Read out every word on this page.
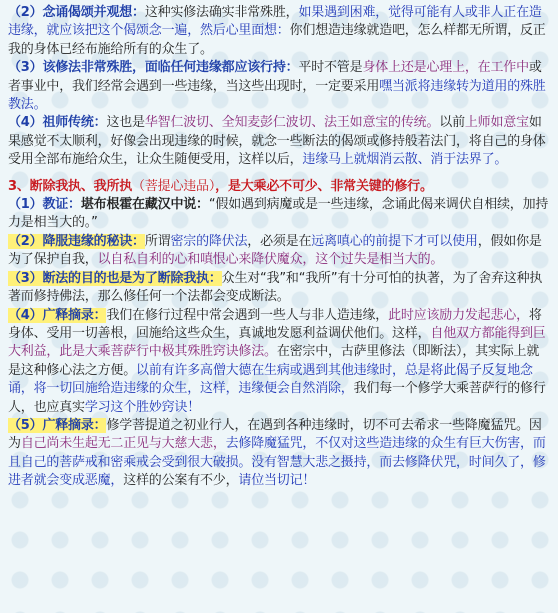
（2）念诵偈颂并观想：这种实修法确实非常殊胜，如果遇到困难，觉得可能有人或非人正在造违缘，就应该把这个偈颂念一遍，然后心里面想：你们想造违缘就造吧，怎么样都无所谓，反正我的身体已经布施给所有的众生了。

（3）该修法非常殊胜，面临任何违缘都应该行持：平时不管是身体上还是心理上，在工作中或者事业中，我们经常会遇到一些违缘，当这些出现时，一定要采用嘿当派将违缘转为道用的殊胜教法。

（4）祖师传统：这也是华智仁波切、全知麦彭仁波切、法王如意宝的传统。以前上师如意宝如果感觉不太顺利，好像会出现违缘的时候，就念一些断法的偈颂或修持般若法门，将自己的身体受用全部布施给众生，让众生随便受用，这样以后，违缘马上就烟消云散、消于法界了。

3、断除我执、我所执（菩提心违品），是大乘必不可少、非常关键的修行。

（1）教证：堪布根霍在藏汉中说：“假如遇到病魔或是一些违缘，念诵此偈来调伏自相续，加持力是相当大的。”

（2）降服违缘的秘诀：所谓密宗的降伏法，必须是在远离嗔心的前提下才可以使用，假如你是为了保护自我，以自私自利的心和嗔恨心来降伏魔众，这个过失是相当大的。

（3）断法的目的也是为了断除我执：众生对“我”和“我所”有十分可怕的执著，为了舍弃这种执著而修持佛法，那么修任何一个法都会变成断法。

（4）广释摘录：我们在修行过程中常会遇到一些人与非人造违缘，此时应该励力发起悲心，将身体、受用一切善根，回施给这些众生，真诚地发愿利益调伏他们。这样，自他双方都能得到巨大利益，此是大乘菩萨行中极其殊胜窍诀修法。在密宗中，古萨里修法（即断法），其实际上就是这种修心法之方便。以前有许多高僧大德在生病或遇到其他违缘时，总是将此偈子反复地念诵，将一切回施给造违缘的众生，这样，违缘便会自然消除，我们每一个修学大乘菩萨行的修行人，也应真实学习这个胜妙窍诀！

（5）广释摘录：修学菩提道之初业行人，在遇到各种违缘时，切不可去希求一些降魔猛咒。因为自己尚未生起无二正见与大慈大悲，去修降魔猛咒，不仅对这些造违缘的众生有巨大伤害，而且自己的菩萨戒和密乘戒会受到很大破损。没有智慧大悲之摄持，而去修降伏咒，时间久了，修进者就会变成恶魔，这样的公案有不少，请位当切记！
